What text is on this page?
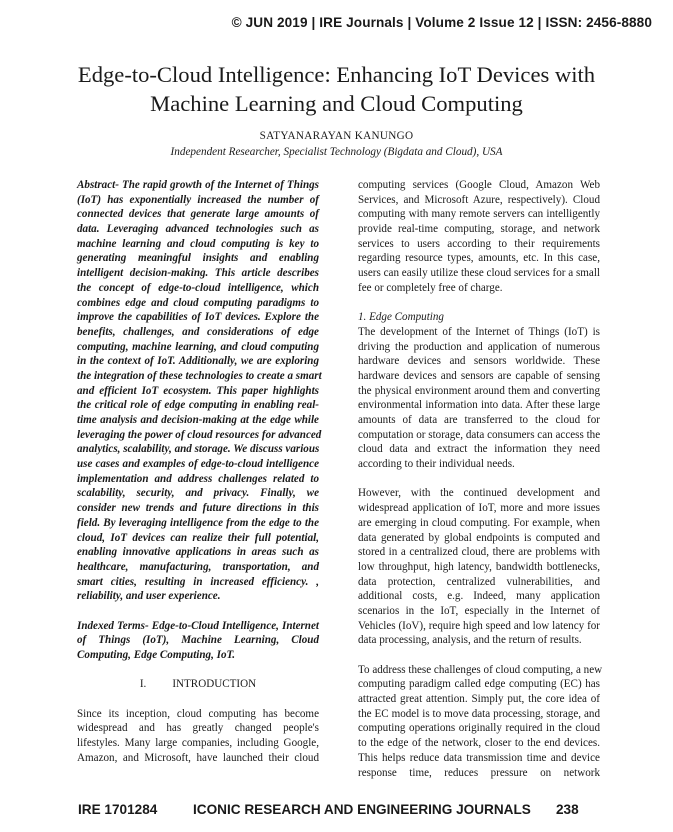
© JUN 2019 | IRE Journals | Volume 2 Issue 12 | ISSN: 2456-8880
Edge-to-Cloud Intelligence: Enhancing IoT Devices with
Machine Learning and Cloud Computing
SATYANARAYAN KANUNGO
Independent Researcher, Specialist Technology (Bigdata and Cloud), USA
Abstract- The rapid growth of the Internet of Things
(IoT) has exponentially increased the number of
connected devices that generate large amounts of
data. Leveraging advanced technologies such as
machine learning and cloud computing is key to
generating meaningful insights and enabling
intelligent decision-making. This article describes
the concept of edge-to-cloud intelligence, which
combines edge and cloud computing paradigms to
improve the capabilities of IoT devices. Explore the
benefits, challenges, and considerations of edge
computing, machine learning, and cloud computing
in the context of IoT. Additionally, we are exploring
the integration of these technologies to create a smart
and efficient IoT ecosystem. This paper highlights
the critical role of edge computing in enabling real-
time analysis and decision-making at the edge while
leveraging the power of cloud resources for advanced
analytics, scalability, and storage. We discuss various
use cases and examples of edge-to-cloud intelligence
implementation and address challenges related to
scalability, security, and privacy. Finally, we
consider new trends and future directions in this
field. By leveraging intelligence from the edge to the
cloud, IoT devices can realize their full potential,
enabling innovative applications in areas such as
healthcare, manufacturing, transportation, and
smart cities, resulting in increased efficiency. ,
reliability, and user experience.
Indexed Terms- Edge-to-Cloud Intelligence, Internet
of Things (IoT), Machine Learning, Cloud
Computing, Edge Computing, IoT.
I. INTRODUCTION
Since its inception, cloud computing has become
widespread and has greatly changed people's
lifestyles. Many large companies, including Google,
Amazon, and Microsoft, have launched their cloud
computing services (Google Cloud, Amazon Web
Services, and Microsoft Azure, respectively). Cloud
computing with many remote servers can intelligently
provide real-time computing, storage, and network
services to users according to their requirements
regarding resource types, amounts, etc. In this case,
users can easily utilize these cloud services for a small
fee or completely free of charge.
1. Edge Computing
The development of the Internet of Things (IoT) is
driving the production and application of numerous
hardware devices and sensors worldwide. These
hardware devices and sensors are capable of sensing
the physical environment around them and converting
environmental information into data. After these large
amounts of data are transferred to the cloud for
computation or storage, data consumers can access the
cloud data and extract the information they need
according to their individual needs.
However, with the continued development and
widespread application of IoT, more and more issues
are emerging in cloud computing. For example, when
data generated by global endpoints is computed and
stored in a centralized cloud, there are problems with
low throughput, high latency, bandwidth bottlenecks,
data protection, centralized vulnerabilities, and
additional costs, e.g. Indeed, many application
scenarios in the IoT, especially in the Internet of
Vehicles (IoV), require high speed and low latency for
data processing, analysis, and the return of results.
To address these challenges of cloud computing, a new
computing paradigm called edge computing (EC) has
attracted great attention. Simply put, the core idea of
the EC model is to move data processing, storage, and
computing operations originally required in the cloud
to the edge of the network, closer to the end devices.
This helps reduce data transmission time and device
response time, reduces pressure on network
IRE 1701284	ICONIC RESEARCH AND ENGINEERING JOURNALS 238
